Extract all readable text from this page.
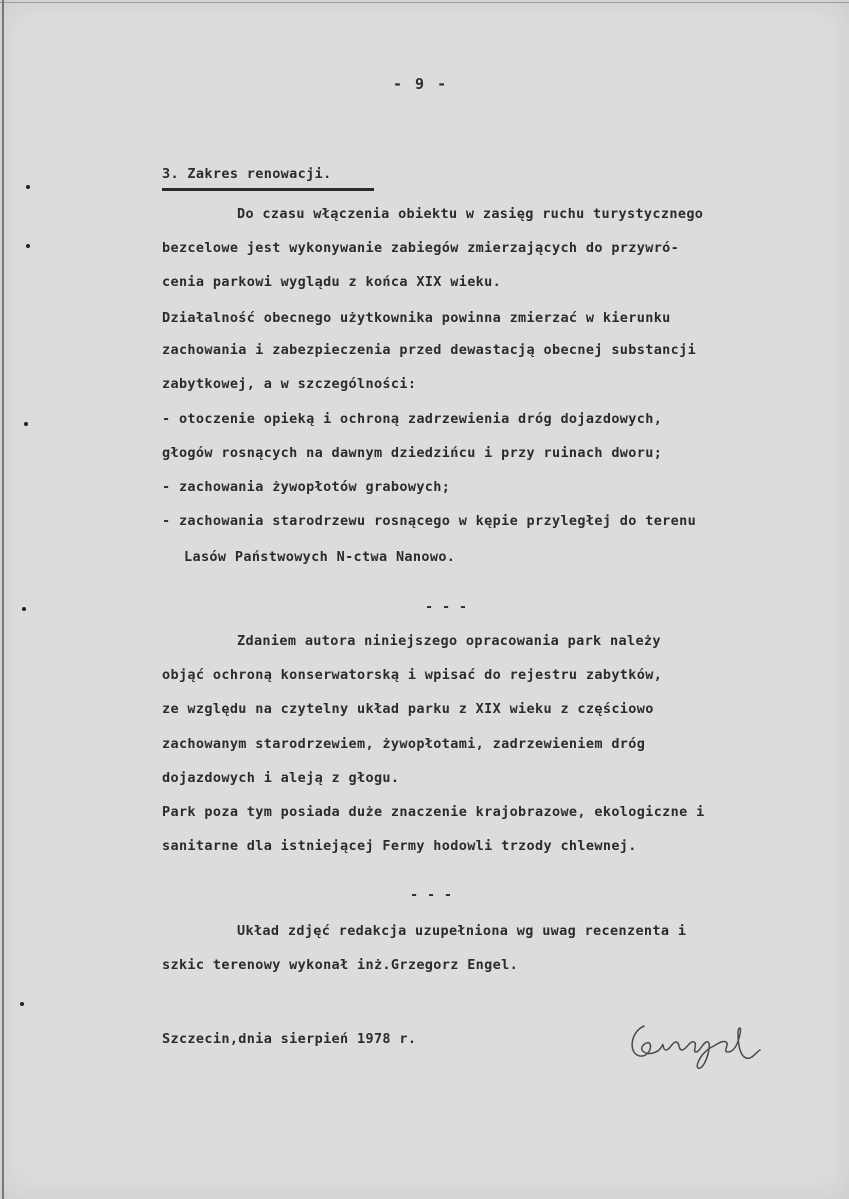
- 9 -
3. Zakres renowacji.
Do czasu włączenia obiektu w zasięg ruchu turystycznego
bezcelowe jest wykonywanie zabiegów zmierzających do przywró-
cenia parkowi wyglądu z końca XIX wieku.
Działalność obecnego użytkownika powinna zmierzać w kierunku
zachowania i zabezpieczenia przed dewastacją obecnej substancji
zabytkowej, a w szczególności:
- otoczenie opieką i ochroną zadrzewienia dróg dojazdowych,
głogów rosnących na dawnym dziedzińcu i przy ruinach dworu;
- zachowania żywopłotów grabowych;
- zachowania starodrzewu rosnącego w kępie przyległej do terenu
Lasów Państwowych N-ctwa Nanowo.
- - -
Zdaniem autora niniejszego opracowania park należy
objąć ochroną konserwatorską i wpisać do rejestru zabytków,
ze względu na czytelny układ parku z XIX wieku z częściowo
zachowanym starodrzewiem, żywopłotami, zadrzewieniem dróg
dojazdowych i aleją z głogu.
Park poza tym posiada duże znaczenie krajobrazowe, ekologiczne i
sanitarne dla istniejącej Fermy hodowli trzody chlewnej.
- - -
Układ zdjęć redakcja uzupełniona wg uwag recenzenta i
szkic terenowy wykonał inż.Grzegorz Engel.
Szczecin,dnia sierpień 1978 r.
